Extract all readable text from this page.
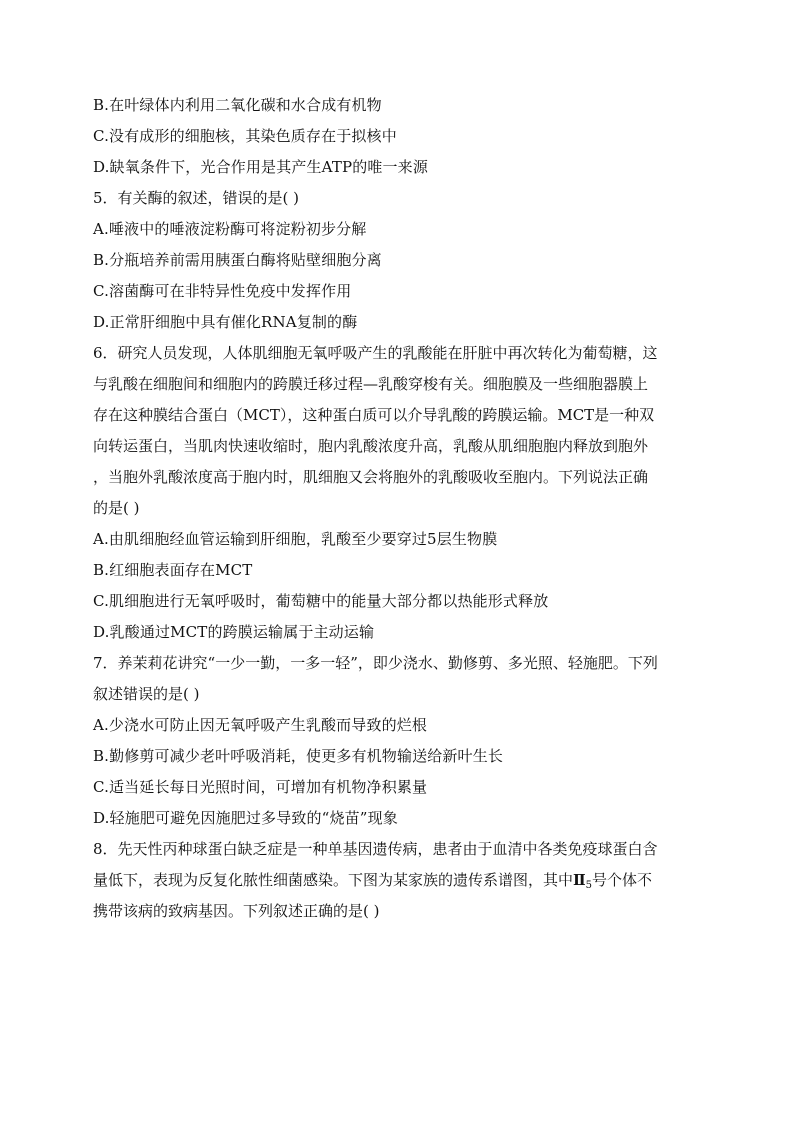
B.在叶绿体内利用二氧化碳和水合成有机物
C.没有成形的细胞核，其染色质存在于拟核中
D.缺氧条件下，光合作用是其产生ATP的唯一来源
5．有关酶的叙述，错误的是( )
A.唾液中的唾液淀粉酶可将淀粉初步分解
B.分瓶培养前需用胰蛋白酶将贴壁细胞分离
C.溶菌酶可在非特异性免疫中发挥作用
D.正常肝细胞中具有催化RNA复制的酶
6．研究人员发现，人体肌细胞无氧呼吸产生的乳酸能在肝脏中再次转化为葡萄糖，这
与乳酸在细胞间和细胞内的跨膜迁移过程—乳酸穿梭有关。细胞膜及一些细胞器膜上
存在这种膜结合蛋白（MCT），这种蛋白质可以介导乳酸的跨膜运输。MCT是一种双
向转运蛋白，当肌肉快速收缩时，胞内乳酸浓度升高，乳酸从肌细胞胞内释放到胞外
，当胞外乳酸浓度高于胞内时，肌细胞又会将胞外的乳酸吸收至胞内。下列说法正确
的是( )
A.由肌细胞经血管运输到肝细胞，乳酸至少要穿过5层生物膜
B.红细胞表面存在MCT
C.肌细胞进行无氧呼吸时，葡萄糖中的能量大部分都以热能形式释放
D.乳酸通过MCT的跨膜运输属于主动运输
7．养茉莉花讲究“一少一勤，一多一轻”，即少浇水、勤修剪、多光照、轻施肥。下列
叙述错误的是( )
A.少浇水可防止因无氧呼吸产生乳酸而导致的烂根
B.勤修剪可减少老叶呼吸消耗，使更多有机物输送给新叶生长
C.适当延长每日光照时间，可增加有机物净积累量
D.轻施肥可避免因施肥过多导致的“烧苗”现象
8．先天性丙种球蛋白缺乏症是一种单基因遗传病，患者由于血清中各类免疫球蛋白含
量低下，表现为反复化脓性细菌感染。下图为某家族的遗传系谱图，其中$Ⅱ_5$号个体不
携带该病的致病基因。下列叙述正确的是( )
